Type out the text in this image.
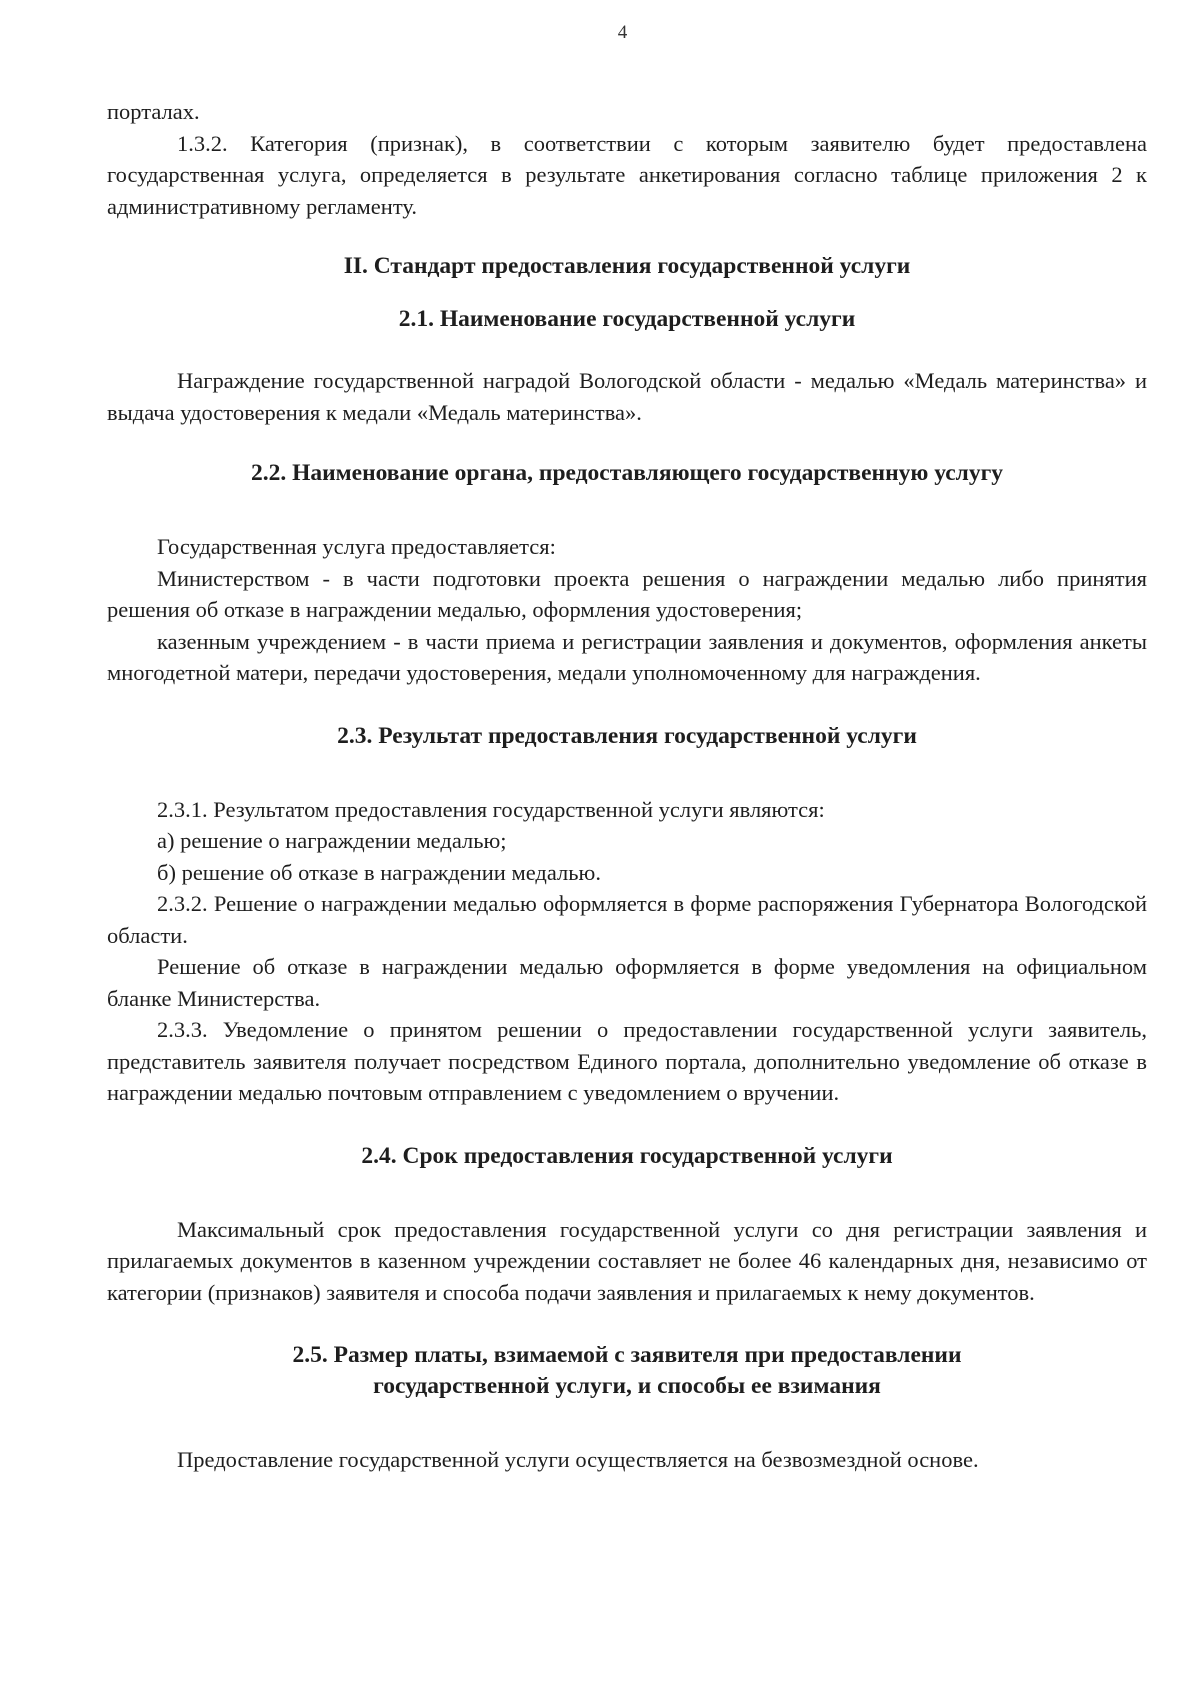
4

порталах.

1.3.2. Категория (признак), в соответствии с которым заявителю будет предоставлена государственная услуга, определяется в результате анкетирования согласно таблице приложения 2 к административному регламенту.

II. Стандарт предоставления государственной услуги
2.1. Наименование государственной услуги

Награждение государственной наградой Вологодской области - медалью «Медаль материнства» и выдача удостоверения к медали «Медаль материнства».

2.2. Наименование органа, предоставляющего государственную услугу

Государственная услуга предоставляется:

Министерством - в части подготовки проекта решения о награждении медалью либо принятия решения об отказе в награждении медалью, оформления удостоверения;

казенным учреждением - в части приема и регистрации заявления и документов, оформления анкеты многодетной матери, передачи удостоверения, медали уполномоченному для награждения.

2.3. Результат предоставления государственной услуги

2.3.1. Результатом предоставления государственной услуги являются:

а) решение о награждении медалью;

б) решение об отказе в награждении медалью.

2.3.2. Решение о награждении медалью оформляется в форме распоряжения Губернатора Вологодской области.

Решение об отказе в награждении медалью оформляется в форме уведомления на официальном бланке Министерства.

2.3.3. Уведомление о принятом решении о предоставлении государственной услуги заявитель, представитель заявителя получает посредством Единого портала, дополнительно уведомление об отказе в награждении медалью почтовым отправлением с уведомлением о вручении.

2.4. Срок предоставления государственной услуги

Максимальный срок предоставления государственной услуги со дня регистрации заявления и прилагаемых документов в казенном учреждении составляет не более 46 календарных дня, независимо от категории (признаков) заявителя и способа подачи заявления и прилагаемых к нему документов.

2.5. Размер платы, взимаемой с заявителя при предоставлении
государственной услуги, и способы ее взимания

Предоставление государственной услуги осуществляется на безвозмездной основе.
